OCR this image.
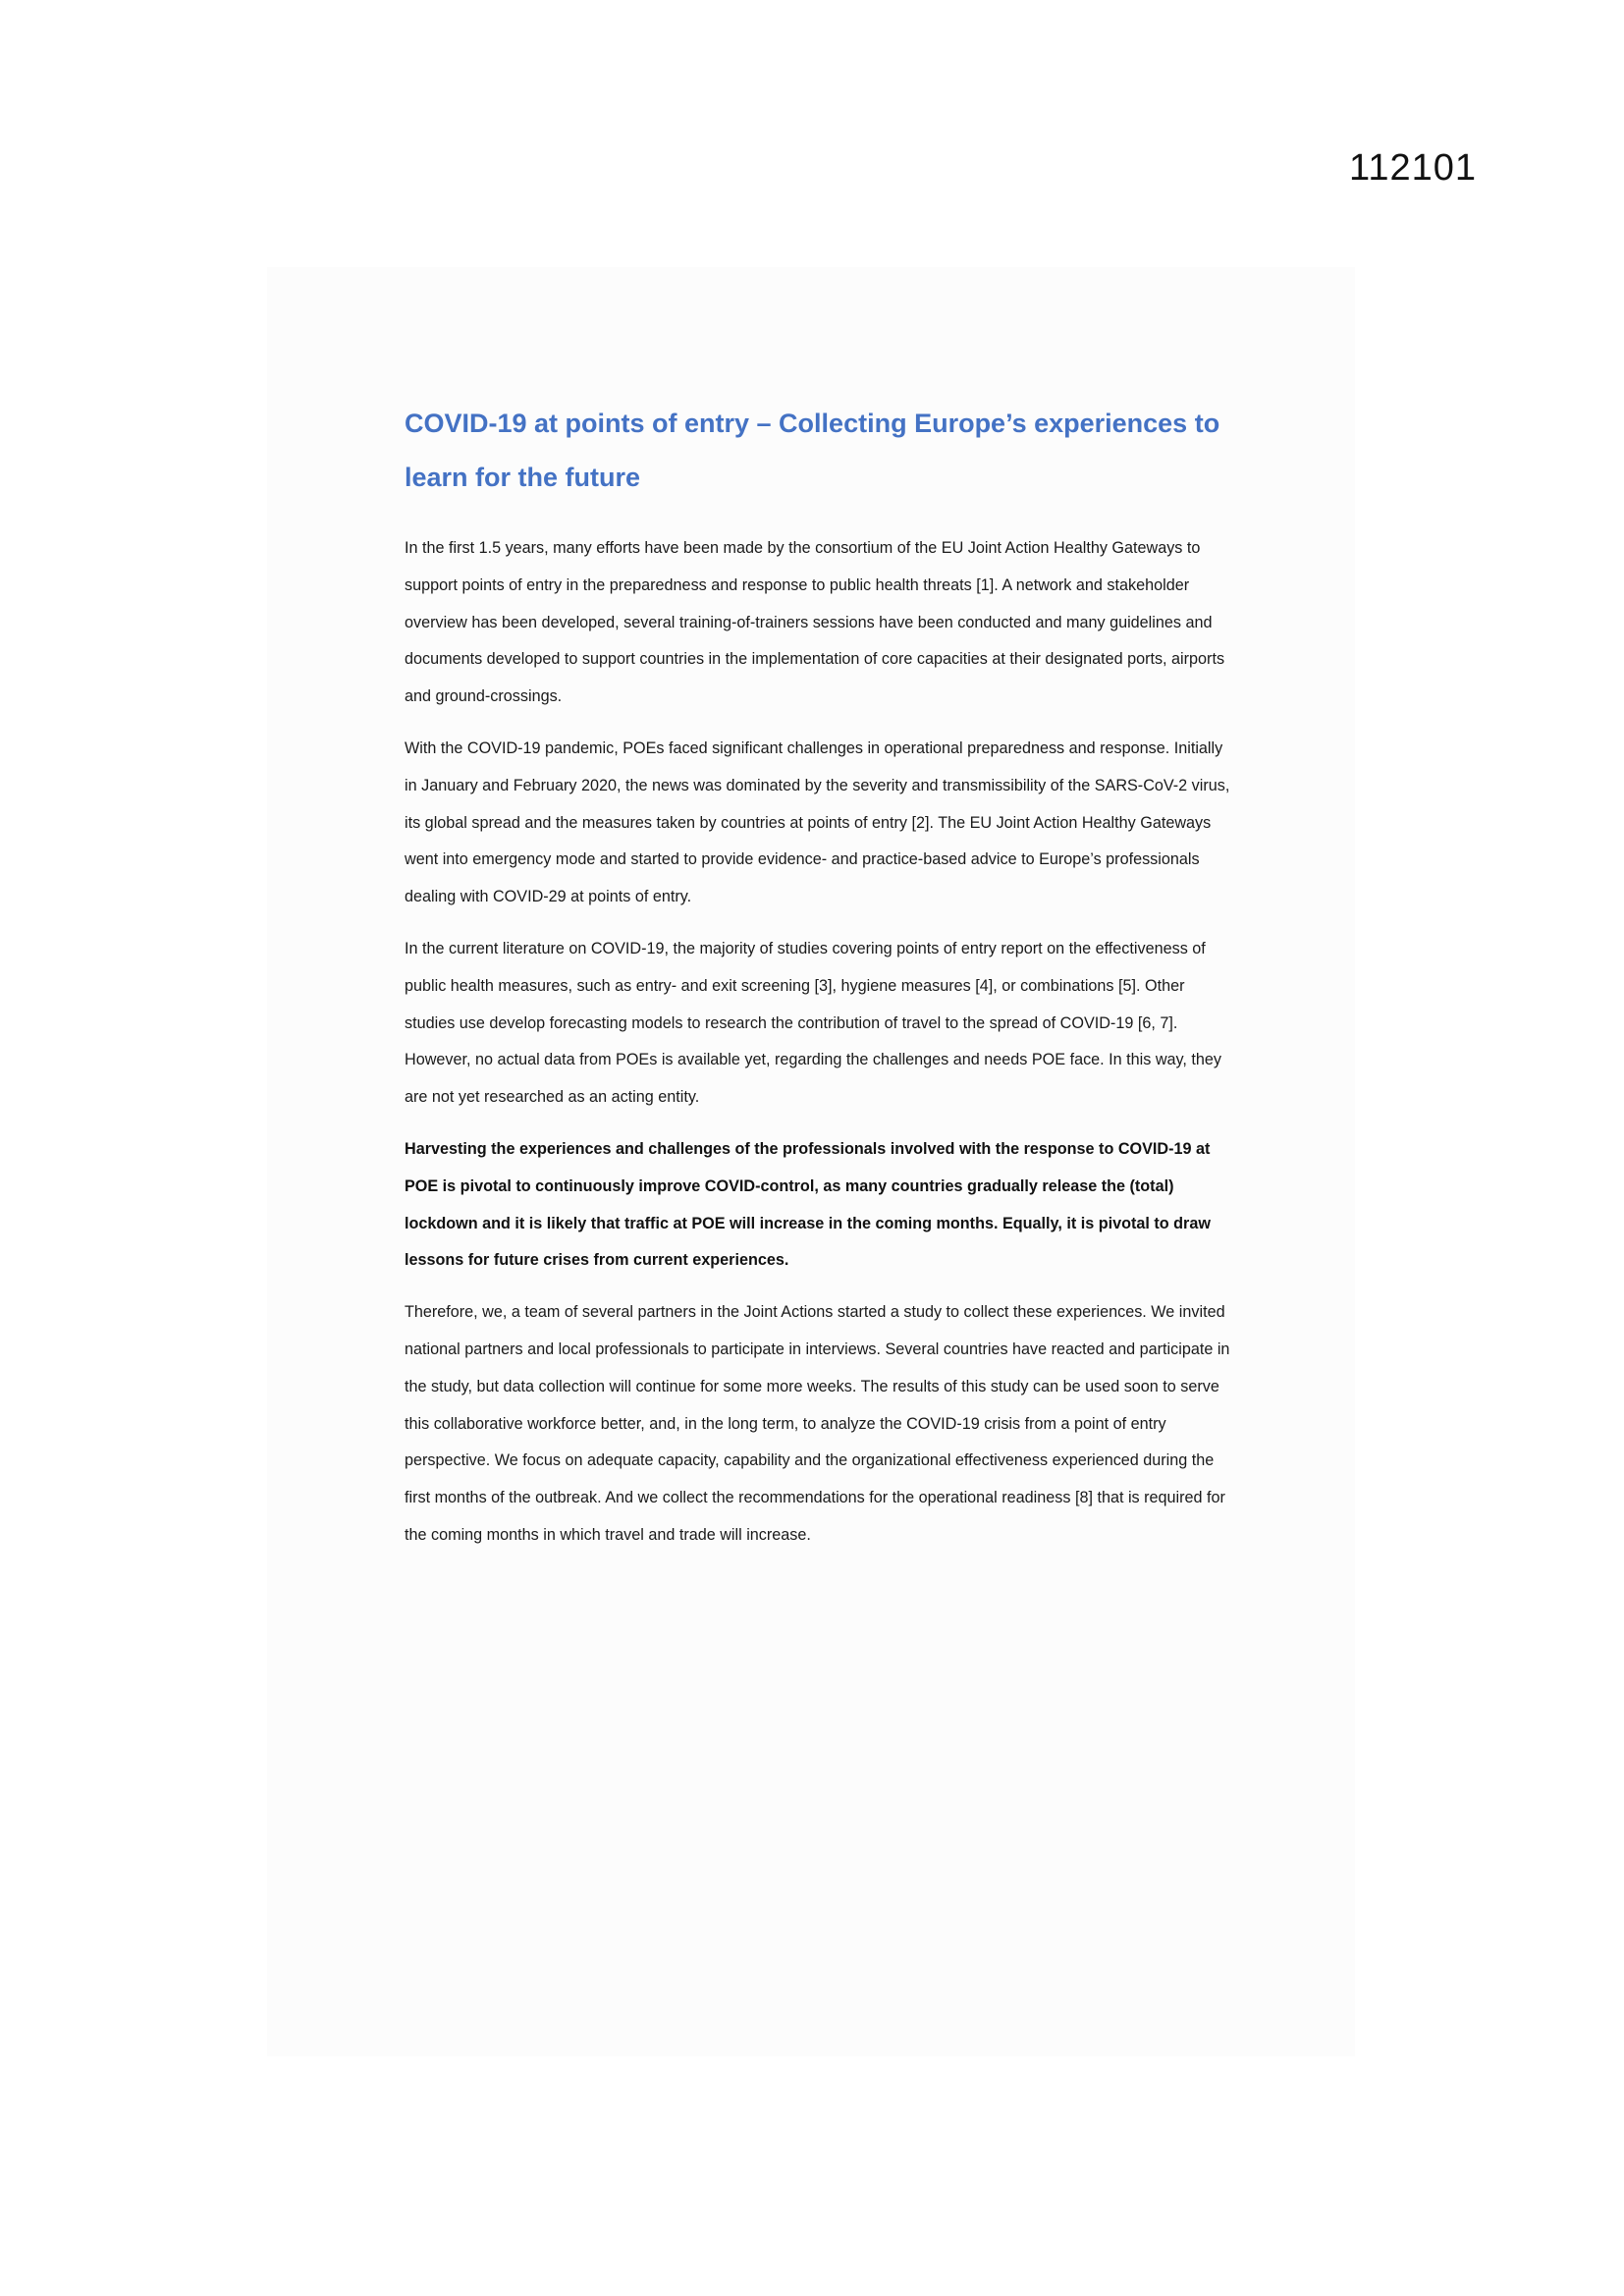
112101
COVID-19 at points of entry – Collecting Europe’s experiences to learn for the future

In the first 1.5 years, many efforts have been made by the consortium of the EU Joint Action Healthy Gateways to support points of entry in the preparedness and response to public health threats [1]. A network and stakeholder overview has been developed, several training-of-trainers sessions have been conducted and many guidelines and documents developed to support countries in the implementation of core capacities at their designated ports, airports and ground-crossings.

With the COVID-19 pandemic, POEs faced significant challenges in operational preparedness and response. Initially in January and February 2020, the news was dominated by the severity and transmissibility of the SARS-CoV-2 virus, its global spread and the measures taken by countries at points of entry [2]. The EU Joint Action Healthy Gateways went into emergency mode and started to provide evidence- and practice-based advice to Europe’s professionals dealing with COVID-29 at points of entry.

In the current literature on COVID-19, the majority of studies covering points of entry report on the effectiveness of public health measures, such as entry- and exit screening [3], hygiene measures [4], or combinations [5]. Other studies use develop forecasting models to research the contribution of travel to the spread of COVID-19 [6, 7]. However, no actual data from POEs is available yet, regarding the challenges and needs POE face. In this way, they are not yet researched as an acting entity.

Harvesting the experiences and challenges of the professionals involved with the response to COVID-19 at POE is pivotal to continuously improve COVID-control, as many countries gradually release the (total) lockdown and it is likely that traffic at POE will increase in the coming months. Equally, it is pivotal to draw lessons for future crises from current experiences.

Therefore, we, a team of several partners in the Joint Actions started a study to collect these experiences. We invited national partners and local professionals to participate in interviews. Several countries have reacted and participate in the study, but data collection will continue for some more weeks. The results of this study can be used soon to serve this collaborative workforce better, and, in the long term, to analyze the COVID-19 crisis from a point of entry perspective. We focus on adequate capacity, capability and the organizational effectiveness experienced during the first months of the outbreak. And we collect the recommendations for the operational readiness [8] that is required for the coming months in which travel and trade will increase.
